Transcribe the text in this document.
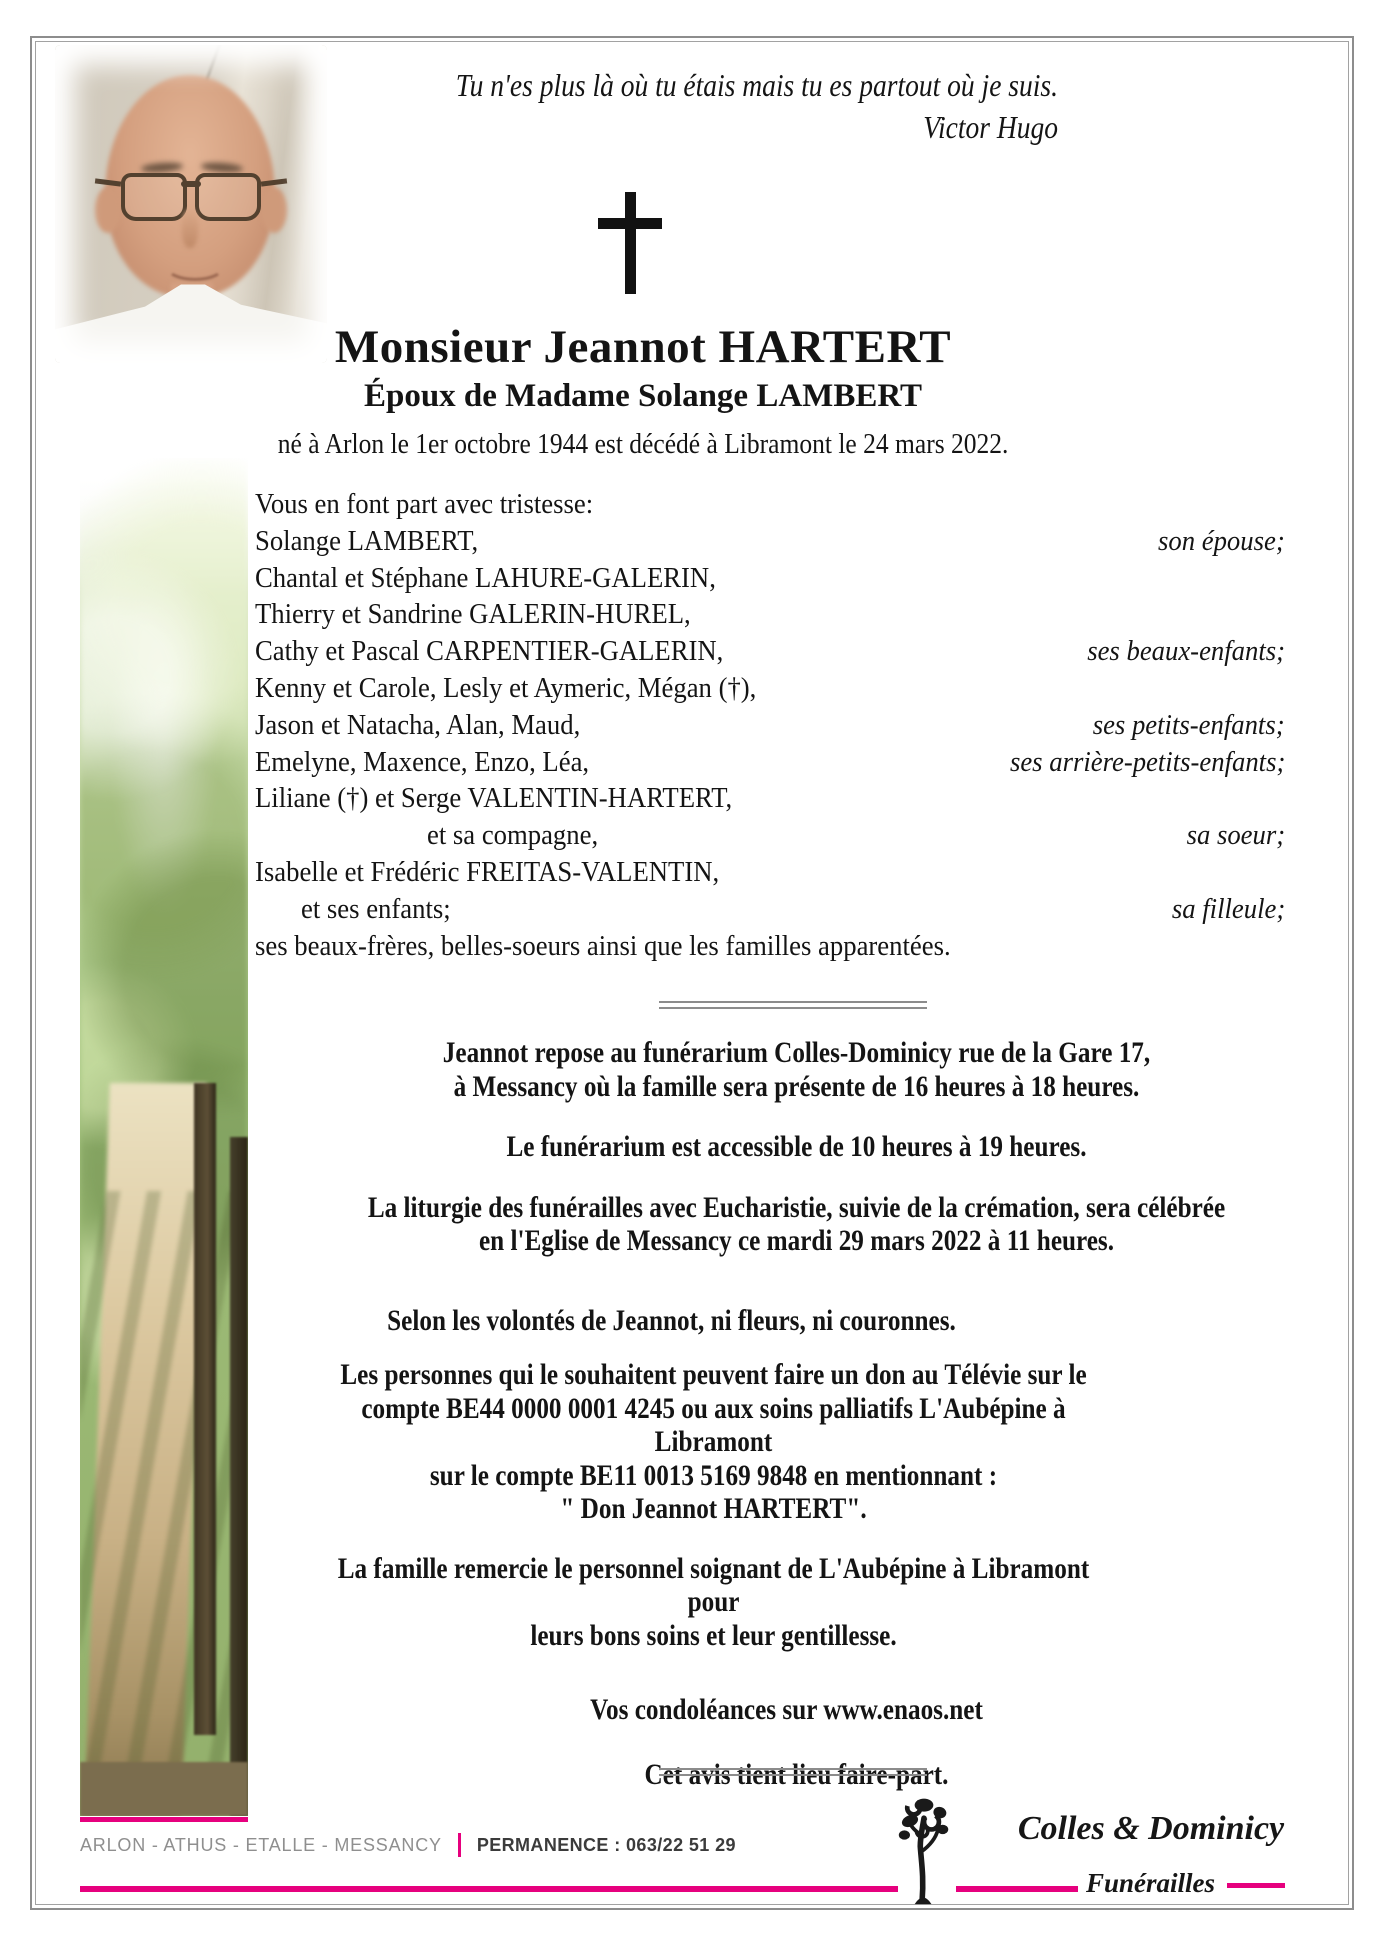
Tu n'es plus là où tu étais mais tu es partout où je suis.
Victor Hugo
Monsieur Jeannot HARTERT
Époux de Madame Solange LAMBERT
né à Arlon le 1er octobre 1944 est décédé à Libramont le 24 mars 2022.
Vous en font part avec tristesse:
Solange LAMBERT,	son épouse;
Chantal et Stéphane LAHURE-GALERIN,
Thierry et Sandrine GALERIN-HUREL,
Cathy et Pascal CARPENTIER-GALERIN,	ses beaux-enfants;
Kenny et Carole, Lesly et Aymeric, Mégan (†),
Jason et Natacha, Alan, Maud,	ses petits-enfants;
Emelyne, Maxence, Enzo, Léa,	ses arrière-petits-enfants;
Liliane (†) et Serge VALENTIN-HARTERT,
et sa compagne,	sa soeur;
Isabelle et Frédéric FREITAS-VALENTIN,
et ses enfants;	sa filleule;
ses beaux-frères, belles-soeurs ainsi que les familles apparentées.
Jeannot repose au funérarium Colles-Dominicy rue de la Gare 17,
à Messancy où la famille sera présente de 16 heures à 18 heures.
Le funérarium est accessible de 10 heures à 19 heures.
La liturgie des funérailles avec Eucharistie, suivie de la crémation, sera célébrée
en l'Eglise de Messancy ce mardi 29 mars 2022 à 11 heures.
Selon les volontés de Jeannot, ni fleurs, ni couronnes.
Les personnes qui le souhaitent peuvent faire un don au Télévie sur le
compte BE44 0000 0001 4245 ou aux soins palliatifs L'Aubépine à Libramont
sur le compte BE11 0013 5169 9848 en mentionnant :
" Don Jeannot HARTERT".
La famille remercie le personnel soignant de L'Aubépine à Libramont pour
leurs bons soins et leur gentillesse.
Vos condoléances sur www.enaos.net
Cet avis tient lieu faire-part.
ARLON - ATHUS - ETALLE - MESSANCY PERMANENCE : 063/22 51 29	Colles & Dominicy
Funérailles
